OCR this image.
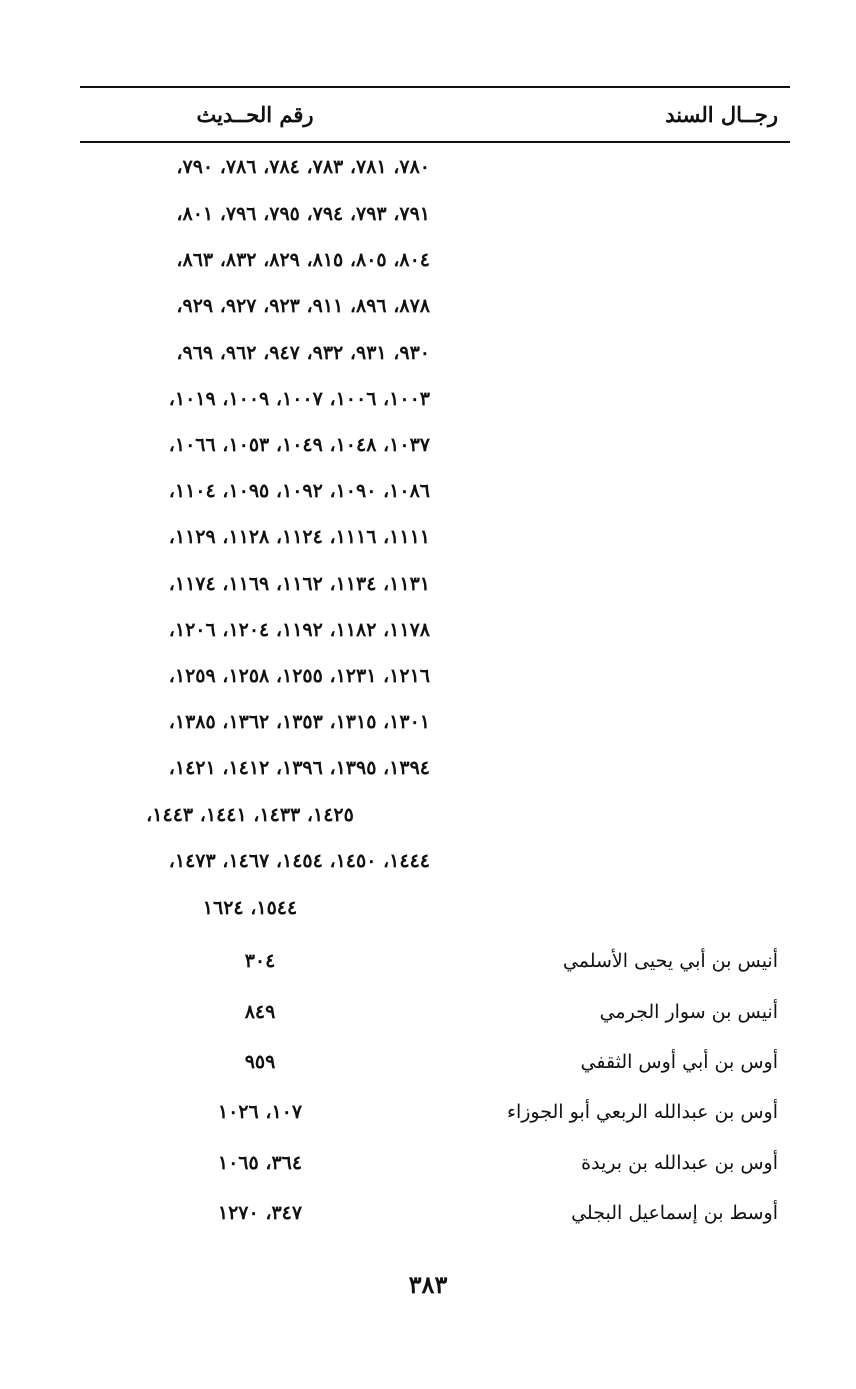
رجــال السند
رقم الحــديث
٧٨٠، ٧٨١، ٧٨٣، ٧٨٤، ٧٨٦، ٧٩٠،
٧٩١، ٧٩٣، ٧٩٤، ٧٩٥، ٧٩٦، ٨٠١،
٨٠٤، ٨٠٥، ٨١٥، ٨٢٩، ٨٣٢، ٨٦٣،
٨٧٨، ٨٩٦، ٩١١، ٩٢٣، ٩٢٧، ٩٢٩،
٩٣٠، ٩٣١، ٩٣٢، ٩٤٧، ٩٦٢، ٩٦٩،
١٠٠٣، ١٠٠٦، ١٠٠٧، ١٠٠٩، ١٠١٩،
١٠٣٧، ١٠٤٨، ١٠٤٩، ١٠٥٣، ١٠٦٦،
١٠٨٦، ١٠٩٠، ١٠٩٢، ١٠٩٥، ١١٠٤،
١١١١، ١١١٦، ١١٢٤، ١١٢٨، ١١٢٩،
١١٣١، ١١٣٤، ١١٦٢، ١١٦٩، ١١٧٤،
١١٧٨، ١١٨٢، ١١٩٢، ١٢٠٤، ١٢٠٦،
١٢١٦، ١٢٣١، ١٢٥٥، ١٢٥٨، ١٢٥٩،
١٣٠١، ١٣١٥، ١٣٥٣، ١٣٦٢، ١٣٨٥،
١٣٩٤، ١٣٩٥، ١٣٩٦، ١٤١٢، ١٤٢١،
١٤٢٥، ١٤٣٣، ١٤٤١، ١٤٤٣،
١٤٤٤، ١٤٥٠، ١٤٥٤، ١٤٦٧، ١٤٧٣،
١٥٤٤، ١٦٢٤
أنيس بن أبي يحيى الأسلمي
٣٠٤
أنيس بن سوار الجرمي
٨٤٩
أوس بن أبي أوس الثقفي
٩٥٩
أوس بن عبدالله الربعي أبو الجوزاء
١٠٧، ١٠٢٦
أوس بن عبدالله بن بريدة
٣٦٤، ١٠٦٥
أوسط بن إسماعيل البجلي
٣٤٧، ١٢٧٠
٣٨٣
